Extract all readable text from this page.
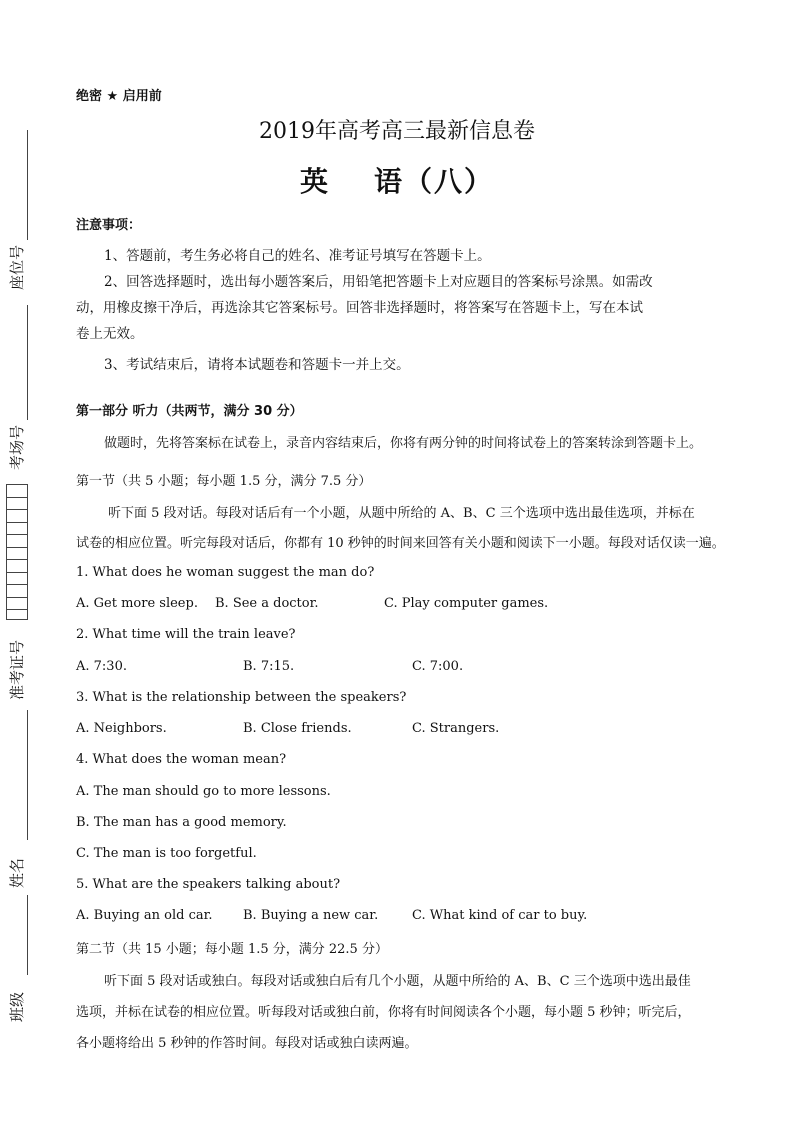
座位号
考场号
准考证号
姓名
班级
绝密 ★ 启用前
2019年高考高三最新信息卷
英 语（八）
注意事项：
1、答题前，考生务必将自己的姓名、准考证号填写在答题卡上。
2、回答选择题时，选出每小题答案后，用铅笔把答题卡上对应题目的答案标号涂黑。如需改
动，用橡皮擦干净后，再选涂其它答案标号。回答非选择题时，将答案写在答题卡上，写在本试
卷上无效。
3、考试结束后，请将本试题卷和答题卡一并上交。
第一部分 听力（共两节，满分 30 分）
做题时，先将答案标在试卷上，录音内容结束后，你将有两分钟的时间将试卷上的答案转涂到答题卡上。
第一节（共 5 小题；每小题 1.5 分，满分 7.5 分）
听下面 5 段对话。每段对话后有一个小题，从题中所给的 A、B、C 三个选项中选出最佳选项，并标在
试卷的相应位置。听完每段对话后，你都有 10 秒钟的时间来回答有关小题和阅读下一小题。每段对话仅读一遍。
1. What does he woman suggest the man do?
A. Get more sleep. B. See a doctor.	C. Play computer games.
2. What time will the train leave?
A. 7:30.	B. 7:15.	C. 7:00.
3. What is the relationship between the speakers?
A. Neighbors.	B. Close friends.	C. Strangers.
4. What does the woman mean?
A. The man should go to more lessons.
B. The man has a good memory.
C. The man is too forgetful.
5. What are the speakers talking about?
A. Buying an old car. B. Buying a new car.	C. What kind of car to buy.
第二节（共 15 小题；每小题 1.5 分，满分 22.5 分）
听下面 5 段对话或独白。每段对话或独白后有几个小题，从题中所给的 A、B、C 三个选项中选出最佳
选项，并标在试卷的相应位置。听每段对话或独白前，你将有时间阅读各个小题，每小题 5 秒钟；听完后，
各小题将给出 5 秒钟的作答时间。每段对话或独白读两遍。
